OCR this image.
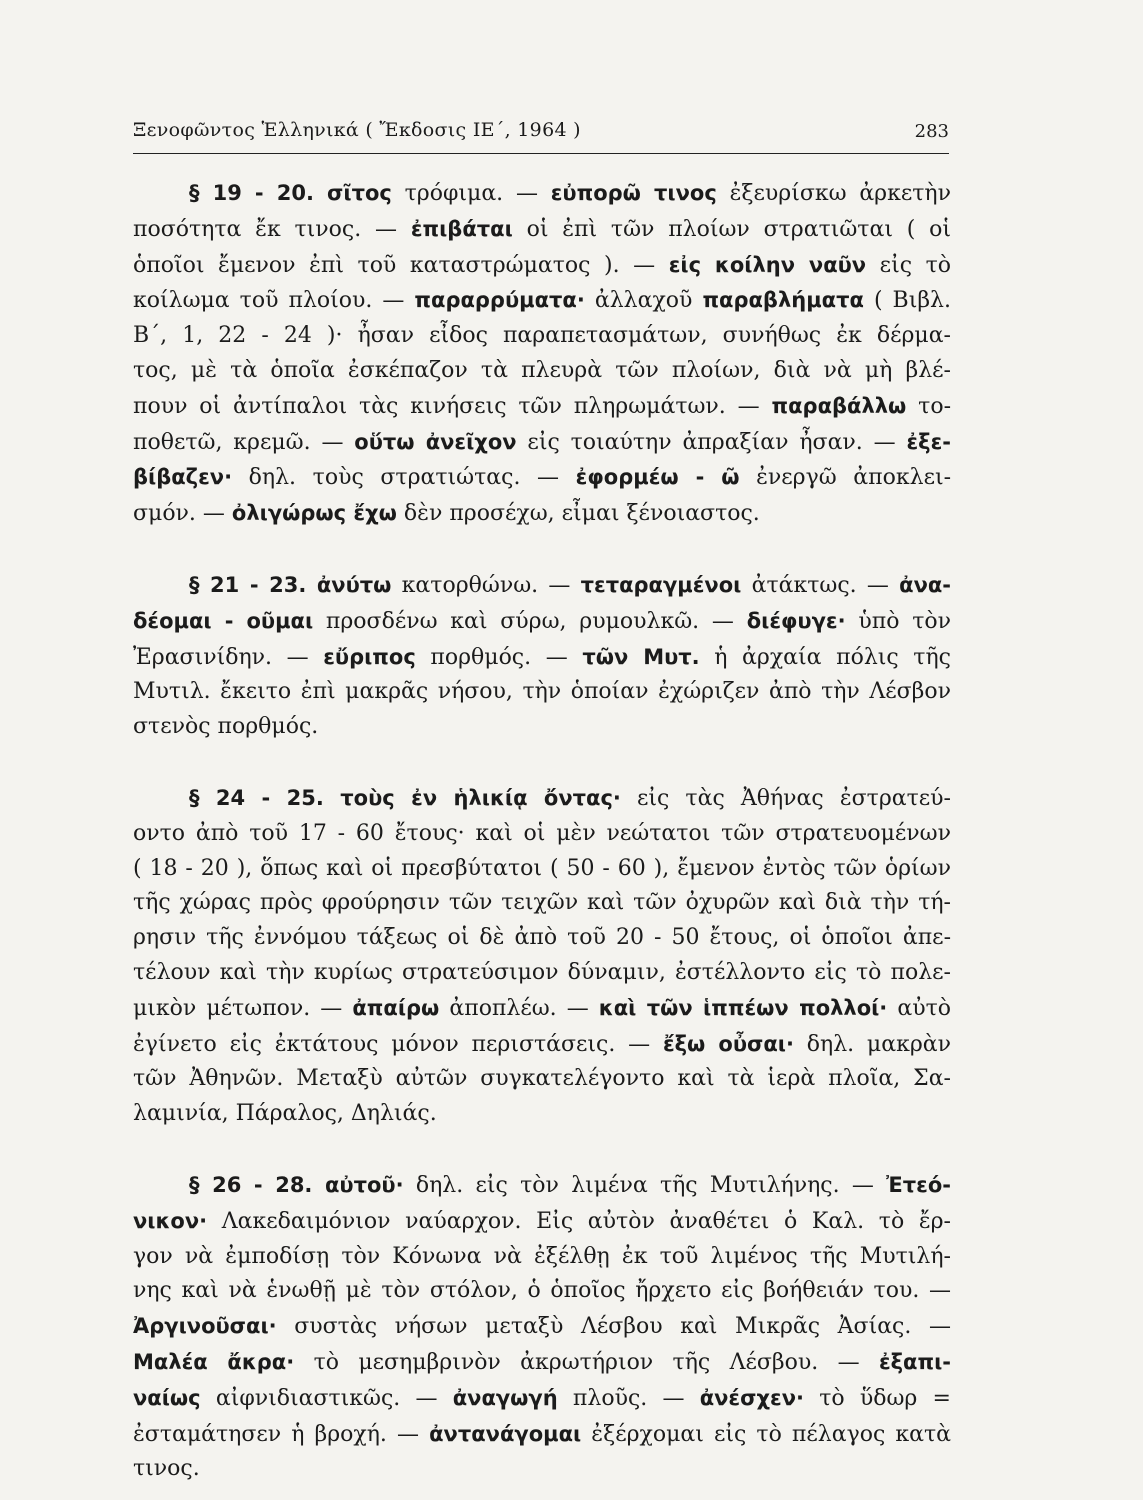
Ξενοφῶντος Ἑλληνικά ( Ἔκδοσις ΙΕ΄, 1964 )	283
§ 19 - 20. σῖτος τρόφιμα. — εὐπορῶ τινος ἐξευρίσκω ἀρκετὴν
ποσότητα ἔκ τινος. — ἐπιβάται οἱ ἐπὶ τῶν πλοίων στρατιῶται ( οἱ
ὁποῖοι ἔμενον ἐπὶ τοῦ καταστρώματος ). — εἰς κοίλην ναῦν εἰς τὸ
κοίλωμα τοῦ πλοίου. — παραρρύματα· ἀλλαχοῦ παραβλήματα ( Βιβλ.
Β΄, 1, 22 - 24 )· ἦσαν εἶδος παραπετασμάτων, συνήθως ἐκ δέρμα-
τος, μὲ τὰ ὁποῖα ἐσκέπαζον τὰ πλευρὰ τῶν πλοίων, διὰ νὰ μὴ βλέ-
πουν οἱ ἀντίπαλοι τὰς κινήσεις τῶν πληρωμάτων. — παραβάλλω το-
ποθετῶ, κρεμῶ. — οὕτω ἀνεῖχον εἰς τοιαύτην ἀπραξίαν ἦσαν. — ἐξε-
βίβαζεν· δηλ. τοὺς στρατιώτας. — ἐφορμέω - ῶ ἐνεργῶ ἀποκλει-
σμόν. — ὀλιγώρως ἔχω δὲν προσέχω, εἶμαι ξένοιαστος.
§ 21 - 23. ἀνύτω κατορθώνω. — τεταραγμένοι ἀτάκτως. — ἀνα-
δέομαι - οῦμαι προσδένω καὶ σύρω, ρυμουλκῶ. — διέφυγε· ὑπὸ τὸν
Ἐρασινίδην. — εὔριπος πορθμός. — τῶν Μυτ. ἡ ἀρχαία πόλις τῆς
Μυτιλ. ἔκειτο ἐπὶ μακρᾶς νήσου, τὴν ὁποίαν ἐχώριζεν ἀπὸ τὴν Λέσβον
στενὸς πορθμός.
§ 24 - 25. τοὺς ἐν ἡλικίᾳ ὄντας· εἰς τὰς Ἀθήνας ἐστρατεύ-
οντο ἀπὸ τοῦ 17 - 60 ἔτους· καὶ οἱ μὲν νεώτατοι τῶν στρατευομένων
( 18 - 20 ), ὅπως καὶ οἱ πρεσβύτατοι ( 50 - 60 ), ἔμενον ἐντὸς τῶν ὁρίων
τῆς χώρας πρὸς φρούρησιν τῶν τειχῶν καὶ τῶν ὀχυρῶν καὶ διὰ τὴν τή-
ρησιν τῆς ἐννόμου τάξεως οἱ δὲ ἀπὸ τοῦ 20 - 50 ἔτους, οἱ ὁποῖοι ἀπε-
τέλουν καὶ τὴν κυρίως στρατεύσιμον δύναμιν, ἐστέλλοντο εἰς τὸ πολε-
μικὸν μέτωπον. — ἀπαίρω ἀποπλέω. — καὶ τῶν ἱππέων πολλοί· αὐτὸ
ἐγίνετο εἰς ἐκτάτους μόνον περιστάσεις. — ἔξω οὖσαι· δηλ. μακρὰν
τῶν Ἀθηνῶν. Μεταξὺ αὐτῶν συγκατελέγοντο καὶ τὰ ἱερὰ πλοῖα, Σα-
λαμινία, Πάραλος, Δηλιάς.
§ 26 - 28. αὐτοῦ· δηλ. εἰς τὸν λιμένα τῆς Μυτιλήνης. — Ἐτεό-
νικον· Λακεδαιμόνιον ναύαρχον. Εἰς αὐτὸν ἀναθέτει ὁ Καλ. τὸ ἔρ-
γον νὰ ἐμποδίσῃ τὸν Κόνωνα νὰ ἐξέλθῃ ἐκ τοῦ λιμένος τῆς Μυτιλή-
νης καὶ νὰ ἑνωθῇ μὲ τὸν στόλον, ὁ ὁποῖος ἤρχετο εἰς βοήθειάν του. —
Ἀργινοῦσαι· συστὰς νήσων μεταξὺ Λέσβου καὶ Μικρᾶς Ἀσίας. —
Μαλέα ἄκρα· τὸ μεσημβρινὸν ἀκρωτήριον τῆς Λέσβου. — ἐξαπι-
ναίως αἰφνιδιαστικῶς. — ἀναγωγή πλοῦς. — ἀνέσχεν· τὸ ὕδωρ =
ἐσταμάτησεν ἡ βροχή. — ἀντανάγομαι ἐξέρχομαι εἰς τὸ πέλαγος κατὰ
τινος.
